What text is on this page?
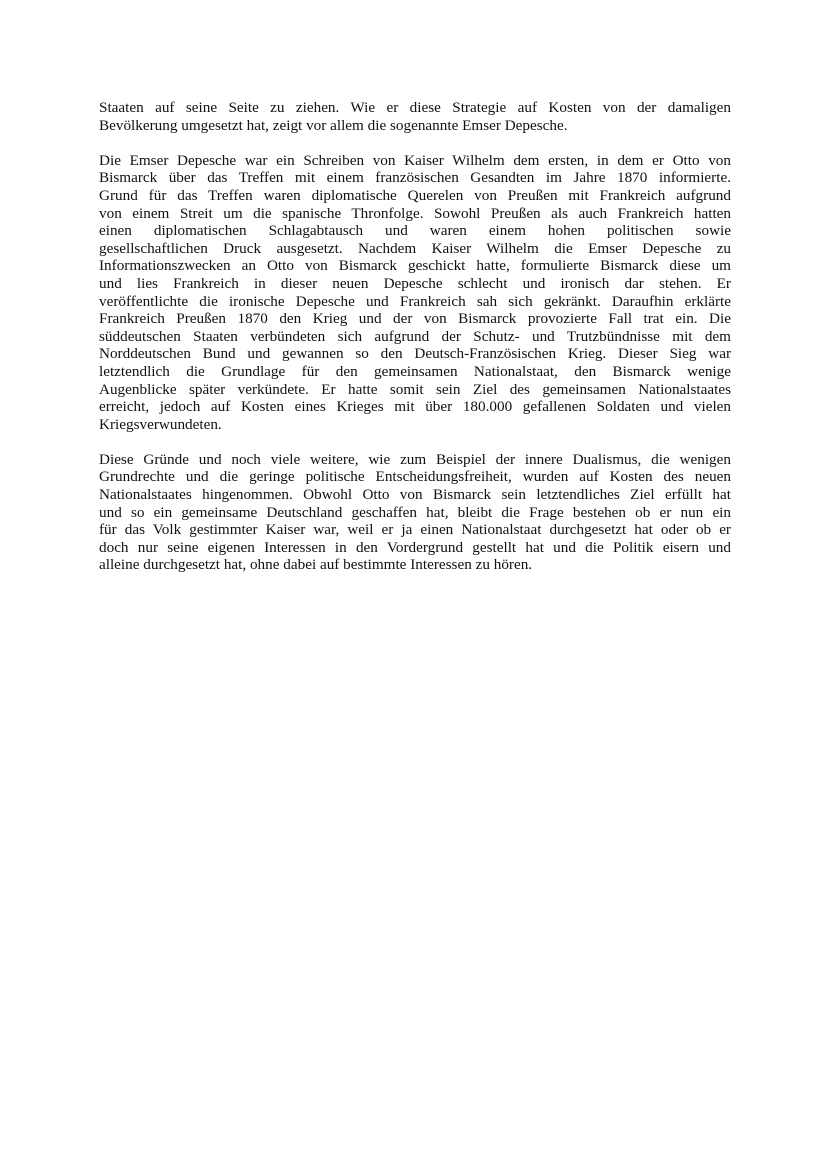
Staaten auf seine Seite zu ziehen. Wie er diese Strategie auf Kosten von der damaligen
Bevölkerung umgesetzt hat, zeigt vor allem die sogenannte Emser Depesche.

Die Emser Depesche war ein Schreiben von Kaiser Wilhelm dem ersten, in dem er Otto von
Bismarck über das Treffen mit einem französischen Gesandten im Jahre 1870 informierte.
Grund für das Treffen waren diplomatische Querelen von Preußen mit Frankreich aufgrund
von einem Streit um die spanische Thronfolge. Sowohl Preußen als auch Frankreich hatten
einen diplomatischen Schlagabtausch und waren einem hohen politischen sowie
gesellschaftlichen Druck ausgesetzt. Nachdem Kaiser Wilhelm die Emser Depesche zu
Informationszwecken an Otto von Bismarck geschickt hatte, formulierte Bismarck diese um
und lies Frankreich in dieser neuen Depesche schlecht und ironisch dar stehen. Er
veröffentlichte die ironische Depesche und Frankreich sah sich gekränkt. Daraufhin erklärte
Frankreich Preußen 1870 den Krieg und der von Bismarck provozierte Fall trat ein. Die
süddeutschen Staaten verbündeten sich aufgrund der Schutz- und Trutzbündnisse mit dem
Norddeutschen Bund und gewannen so den Deutsch-Französischen Krieg. Dieser Sieg war
letztendlich die Grundlage für den gemeinsamen Nationalstaat, den Bismarck wenige
Augenblicke später verkündete. Er hatte somit sein Ziel des gemeinsamen Nationalstaates
erreicht, jedoch auf Kosten eines Krieges mit über 180.000 gefallenen Soldaten und vielen
Kriegsverwundeten.

Diese Gründe und noch viele weitere, wie zum Beispiel der innere Dualismus, die wenigen
Grundrechte und die geringe politische Entscheidungsfreiheit, wurden auf Kosten des neuen
Nationalstaates hingenommen. Obwohl Otto von Bismarck sein letztendliches Ziel erfüllt hat
und so ein gemeinsame Deutschland geschaffen hat, bleibt die Frage bestehen ob er nun ein
für das Volk gestimmter Kaiser war, weil er ja einen Nationalstaat durchgesetzt hat oder ob er
doch nur seine eigenen Interessen in den Vordergrund gestellt hat und die Politik eisern und
alleine durchgesetzt hat, ohne dabei auf bestimmte Interessen zu hören.
